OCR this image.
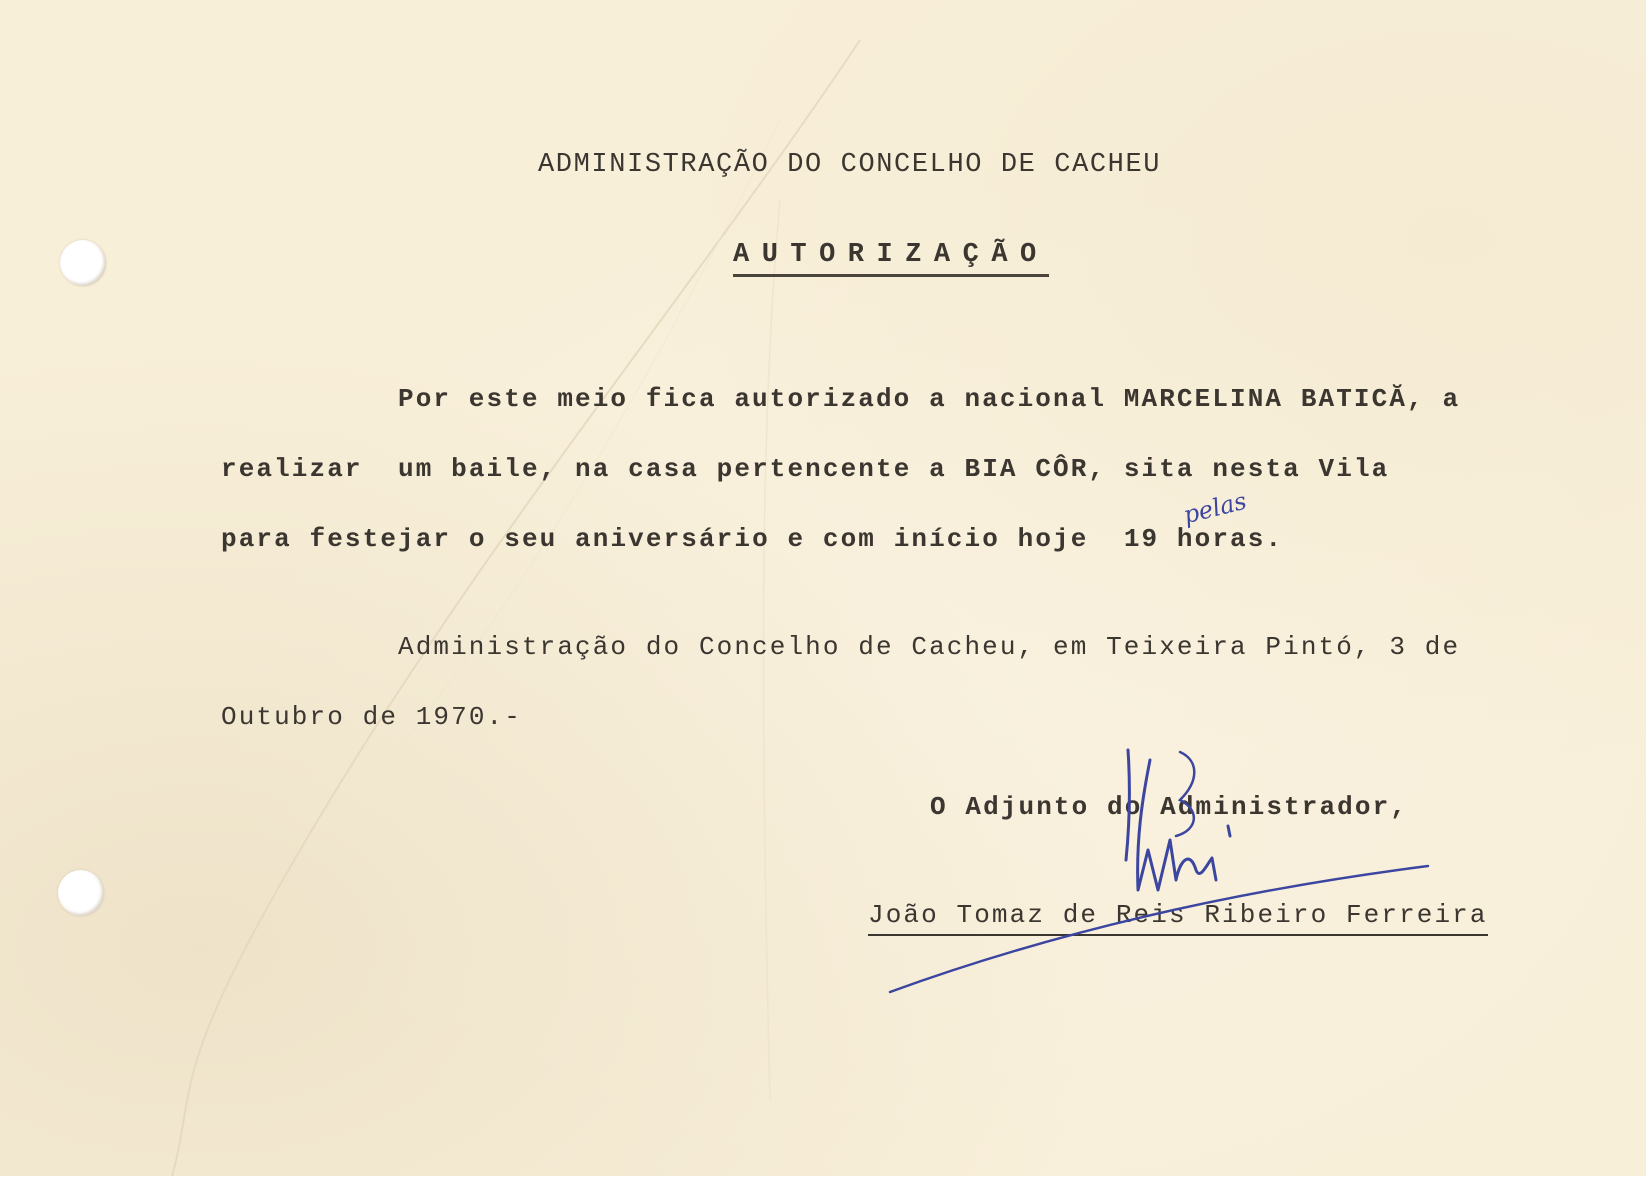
ADMINISTRAÇÃO DO CONCELHO DE CACHEU
AUTORIZAÇÃO
Por este meio fica autorizado a nacional MARCELINA BATICĂ, a
realizar  um baile, na casa pertencente a BIA CÔR, sita nesta Vila
para festejar o seu aniversário e com início hoje  19 horas.
pelas
Administração do Concelho de Cacheu, em Teixeira Pintó, 3 de
Outubro de 1970.-
O Adjunto do Administrador,
João Tomaz de Reis Ribeiro Ferreira
